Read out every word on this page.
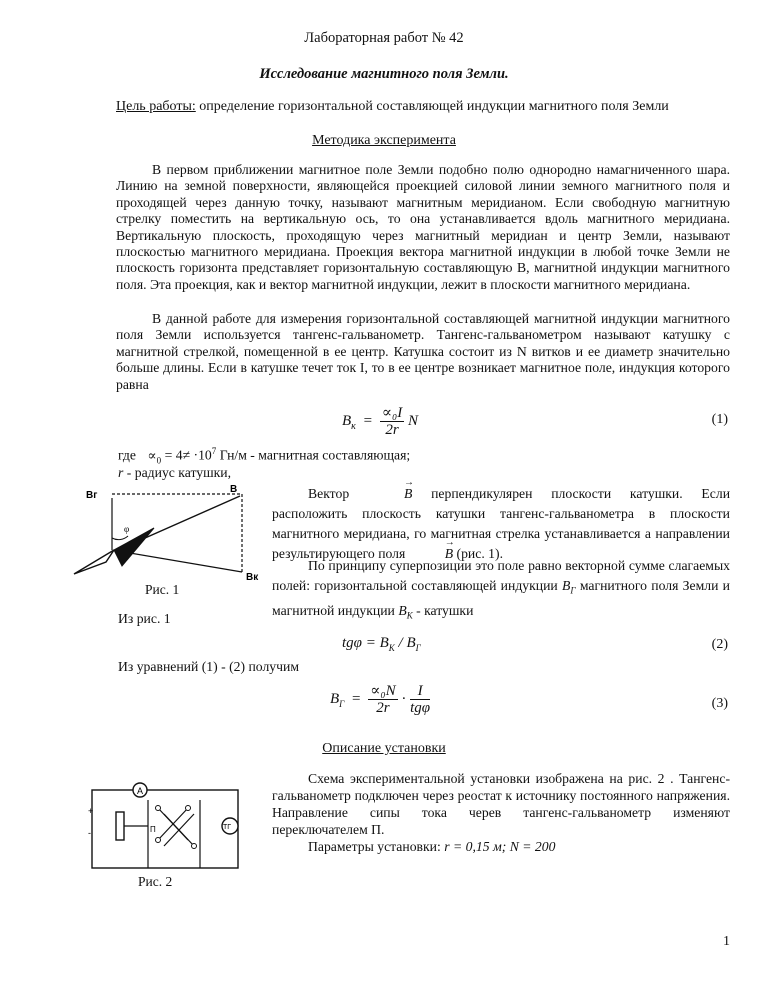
Лабораторная работ № 42

Исследование магнитного поля Земли.

Цель работы: определение горизонтальной составляющей индукции магнитного поля Земли

Методика эксперимента

В первом приближении магнитное поле Земли подобно полю однородно намагниченного шара. Линию на земной поверхности, являющейся проекцией силовой линии земного магнитного поля и проходящей через данную точку, называют магнитным меридианом. Если свободную магнитную стрелку поместить на вертикальную ось, то она устанавливается вдоль магнитного меридиана. Вертикальную плоскость, проходящую через магнитный меридиан и центр Земли, называют плоскостью магнитного меридиана. Проекция вектора магнитной индукции в любой точке Земли не плоскость горизонта представляет горизонтальную составляющую B, магнитной индукции магнитного поля. Эта проекция, как и вектор магнитной индукции, лежит в плоскости магнитного меридиана.

В данной работе для измерения горизонтальной составляющей магнитной индукции магнитного поля Земли используется тангенс-гальванометр. Тангенс-гальванометром называют катушку с магнитной стрелкой, помещенной в ее центр. Катушка состоит из N витков и ее диаметр значительно больше длины. Если в катушке течет ток I, то в ее центре возникает магнитное поле, индукция которого равна

$B_к = \frac{\text{∝₀I}}{2r}$ N	(1)

где $\propto_0 = 4\ne \cdot 10^7$ Гн/м - магнитная составляющая;

r - радиус катушки,

Bг
B
Bк
φ

Рис. 1

Вектор	→ B перпендикулярен плоскости катушки. Если расположить плоскость катушки тангенс-гальванометра в плоскости магнитного меридиана, го магнитная стрелка устанавливается а направлении результирующего поля	→ B (рис. 1).

По принципу суперпозиции это поле равно векторной сумме слагаемых полей: горизонтальной составляющей индукции $B_Г$ магнитного поля Земли и магнитной индукции $B_К$ - катушки

Из рис. 1

$tg\varphi = B_K / B_Г$	(2)

Из уравнений (1) - (2) получим

$B_Г = \frac{\text{∝₀N}}{2r} \cdot \frac{I}{\text{tgφ}}$	(3)

Описание установки

A
П	ТГ
+
-

Рис. 2

Схема экспериментальной установки изображена на рис. 2 . Тангенс-гальванометр подключен через реостат к источнику постоянного напряжения. Направление сипы тока черев тангенс-гальванометр изменяют переключателем П.

Параметры установки: r = 0,15 м; N = 200

1
